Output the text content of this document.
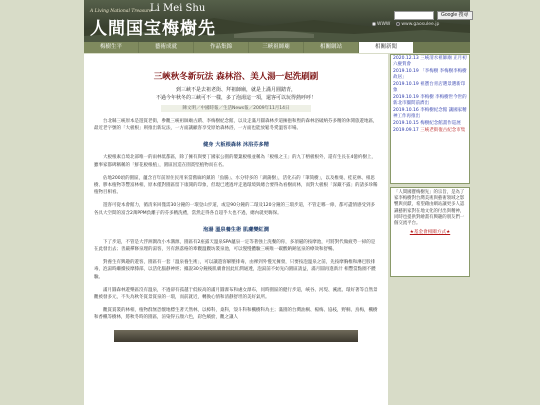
A Living National Treasure
Li Mei Shu
人間国宝梅樹先
Google 搜尋
WWW	www.gaosulee.jp
梅樹生平	藝術成就	作品集錦	三峽祖師廟	相關網站	相關新聞
三峽秋冬新玩法 森林浴、美人湯一起洗刷刷
到三峽不是去祖老街、拜祖師廟，就是上滿月圓踏青，
不過今年秋冬的三峽可不一樣，多了泡湯這一項，還客可以玩得熱呼呼！
陳文明／中國時報／生活News報／2009年11月14日

台北縣三峽原本是遊賞老街，參觀三峽祖師廟古蹟、李梅樹紀念館，以及走滿月圓森林步道擁抱和煦的森林浴破納芬多精的休閒旅遊地區，最近老字號的「大板根」則推出新玩法，一方面讓顧客享受原始森林浴，一方面也能放鬆冬愛溫客市場。

健身 大板根森林 沐浴芬多精

大板根素自境北部唯一的雨林低都區，除了擁有與要丁國家公園的嬰葉板根並稱為「板根之王」的九丁榕板根外，還有生長在4億約樹上，雖事家都碑稱稱的「鮮花板根植」，園區因造在園賞堅植物而在名。

佔地200頃的園區，蘊含百年前原住民用來當舊廊約鎮的「魚腸」、水分特多的「湖蒲樹」，活化石的「筆筒樹」，以及椎栗、桂花林、相思樹、膠本植物等豐富林相，原本僅對園區留下康開的印象，但現已透過坪走過環境與總合要得為看樹而林，而對大板根「深藏不露」的諸多珍稀植物目相看。

遊客可從本會館力，循清來回僅需30分鐘的一環登山步道，或是90分鐘的二環及120分鐘的三環步道，不管走哪一條，都可盡情感受到多各具大空間的富含2萬PPM負離子的芬多精洗禮，當然走得各自超乎大也不過，總內就更嗨保。

泡湯 溫泉養生術 肌膚變紅潤

下了步道，不管是大浮洲澗改小木溝源，園區有2座露天溫泉SPA蘊泉一定等著強上洗餐的你，多項磁的按摩池，可將對代做疲勞一掃的是在此發出去；善嚴禪修泉理的湯客，另有熱落格的牽觀溫觀坊裝泉池，可以慢慢體驗三峽唯一碳酸鈉鈉氫泉的療效和舒暢。

對養生有興趣的遊客，園區有一套「溫泉養生術」，可以讓遊客解壓排毒，由裸到外慢光擁發，只要按泡溫泉之前，先按摩胸椎和淋巴股排毒，泡湯時繼續按摩膝部，以活化腦靜神經；據說30分鐘後肌膚會因此紅潤通透，泡湯前不妨先向園區請益，滿月圓再進新汁 相豐當點圈不體驗。

滿月圓森林遊樂區沒有溫泉，不過卻有孤越于低較高的滿月圓瀑布和處女瀑布，同時園區的健行步道，峽谷、河堤、溪流、環好著等自然景觀被發多元，不失為秋冬賞景賞泉的一環，而前就近，轉換心情和清靜舒坦的美好氣所。

觀賞賞裝的林相，植物群無恐懷地標生著天然林，以樟科，桑科，殼斗科和楓樹科為主；滿園的台灣油桐、楊梅、協枝，野桐、鳥梅，楓樹和香楓等樹林，將秋冬時的園區，渲染得五顏六色，彩色繽紛，觀之讓人

2020.12.13 三峽清水祖師廟 正月初六慶賀會
2019.10.19 「李梅樹 李梅樹李梅樹故居」
2019.10.19 祖寶台青店選景選新印象
2019.10.19 李梅樹 李梅樹世今世的新北市團問前濟出
2019.10.16 李梅樹紀念館 讓國家精神工作再推出
2019.10.15 梅樹紀念館畫作巡展
2019.09.17 三峽老街復古紀念市集
「人間國寶梅樹先」的宗旨，是為了家李梅樹對台灣美術與藝術領域之影響與貢獻，希望藉由網站讓更多人認識藝術家對在地文化的付出與精神，同時也提供對繪畫有興趣的朋友們一個交流平台。
★基金會相關方式★
